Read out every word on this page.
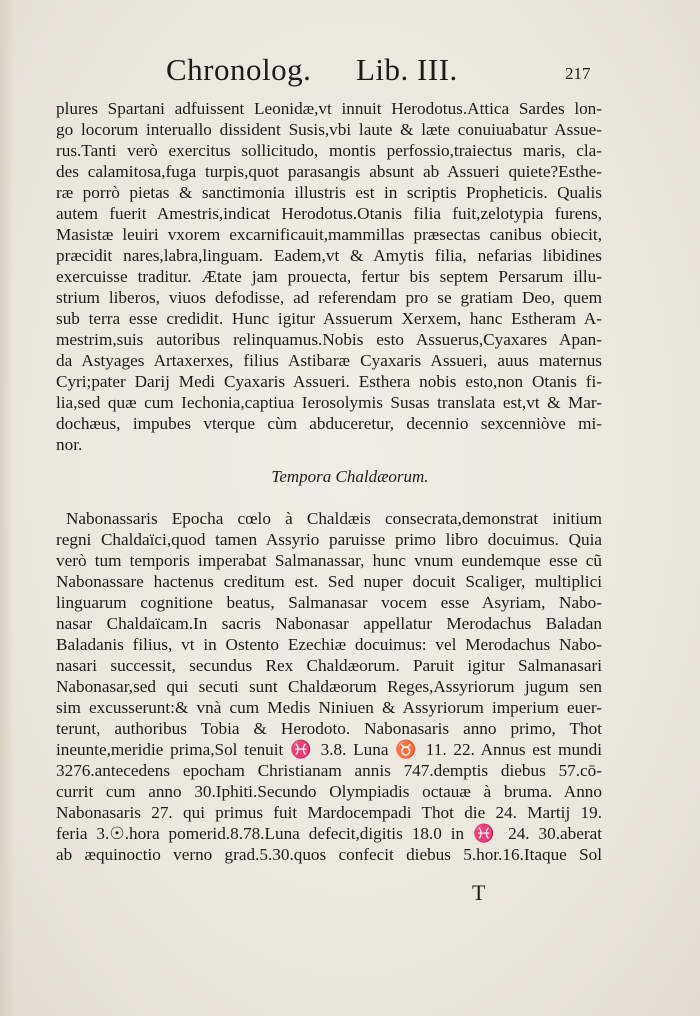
Chronolog. Lib. III.	217
plures Spartani adfuissent Leonidæ,vt innuit Herodotus.Attica Sardes lon-
go locorum interuallo dissident Susis,vbi laute & læte conuiuabatur Assue-
rus.Tanti verò exercitus sollicitudo, montis perfossio,traiectus maris, cla-
des calamitosa,fuga turpis,quot parasangis absunt ab Assueri quiete?Esthe-
ræ porrò pietas & sanctimonia illustris est in scriptis Propheticis. Qualis
autem fuerit Amestris,indicat Herodotus.Otanis filia fuit,zelotypia furens,
Masistæ leuiri vxorem excarnificauit,mammillas præsectas canibus obiecit,
præcidit nares,labra,linguam. Eadem,vt & Amytis filia, nefarias libidines
exercuisse traditur. Ætate jam prouecta, fertur bis septem Persarum illu-
strium liberos, viuos defodisse, ad referendam pro se gratiam Deo, quem
sub terra esse credidit. Hunc igitur Assuerum Xerxem, hanc Estheram A-
mestrim,suis autoribus relinquamus.Nobis esto Assuerus,Cyaxares Apan-
da Astyages Artaxerxes, filius Astibaræ Cyaxaris Assueri, auus maternus
Cyri;pater Darij Medi Cyaxaris Assueri. Esthera nobis esto,non Otanis fi-
lia,sed quæ cum Iechonia,captiua Ierosolymis Susas translata est,vt & Mar-
dochæus, impubes vterque cùm abduceretur, decennio sexcenniòve mi-
nor.
Tempora Chaldæorum.
Nabonassaris Epocha cœlo à Chaldæis consecrata,demonstrat initium
regni Chaldaïci,quod tamen Assyrio paruisse primo libro docuimus. Quia
verò tum temporis imperabat Salmanassar, hunc vnum eundemque esse cũ
Nabonassare hactenus creditum est. Sed nuper docuit Scaliger, multiplici
linguarum cognitione beatus, Salmanasar vocem esse Asyriam, Nabo-
nasar Chaldaïcam.In sacris Nabonasar appellatur Merodachus Baladan
Baladanis filius, vt in Ostento Ezechiæ docuimus: vel Merodachus Nabo-
nasari successit, secundus Rex Chaldæorum. Paruit igitur Salmanasari
Nabonasar,sed qui secuti sunt Chaldæorum Reges,Assyriorum jugum sen
sim excusserunt:& vnà cum Medis Niniuen & Assyriorum imperium euer-
terunt, authoribus Tobia & Herodoto. Nabonasaris anno primo, Thot
ineunte,meridie prima,Sol tenuit ♓ 3.8. Luna ♉ 11. 22. Annus est mundi
3276.antecedens epocham Christianam annis 747.demptis diebus 57.cō-
currit cum anno 30.Iphiti.Secundo Olympiadis octauæ à bruma. Anno
Nabonasaris 27. qui primus fuit Mardocempadi Thot die 24. Martij 19.
feria 3.☉.hora pomerid.8.78.Luna defecit,digitis 18.0 in ♓ 24. 30.aberat
ab æquinoctio verno grad.5.30.quos confecit diebus 5.hor.16.Itaque Sol
T
